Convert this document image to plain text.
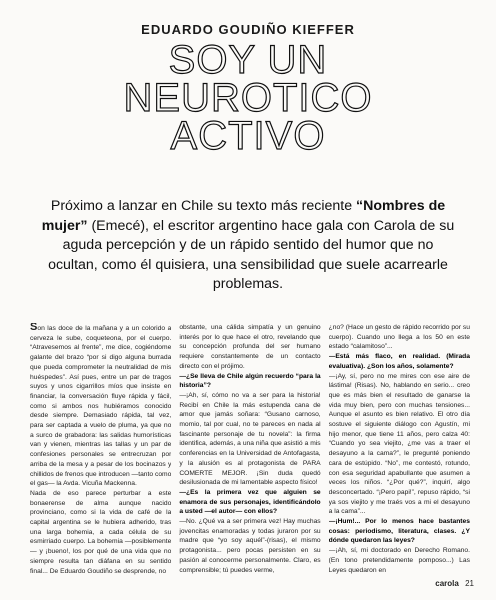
EDUARDO GOUDIÑO KIEFFER
SOY UN
NEUROTICO
ACTIVO
Próximo a lanzar en Chile su texto más reciente “Nombres de mujer” (Emecé), el escritor argentino hace gala con Carola de su aguda percepción y de un rápido sentido del humor que no ocultan, como él quisiera, una sensibilidad que suele acarrearle problemas.

Son las doce de la mañana y a un colorido a cerveza le sube, coqueteona, por el cuerpo. “Atravesemos al frente”, me dice, cogiéndome galante del brazo “por si digo alguna burrada que pueda comprometer la neutralidad de mis huéspedes”. Así pues, entre un par de tragos suyos y unos cigarrillos míos que insiste en financiar, la conversación fluye rápida y fácil, como si ambos nos hubiéramos conocido desde siempre. Demasiado rápida, tal vez, para ser captada a vuelo de pluma, ya que no a surco de grabadora: las salidas humorísticas van y vienen, mientras las tallas y un par de confesiones personales se entrecruzan por arriba de la mesa y a pesar de los bocinazos y chillidos de frenos que introducen —tanto como el gas— la Avda. Vicuña Mackenna.

Nada de eso parece perturbar a este bonaerense de alma aunque nacido provinciano, como si la vida de café de la capital argentina se le hubiera adherido, tras una larga bohemia, a cada célula de su esmirriado cuerpo. La bohemia —posiblemente— y ¡bueno!, los por qué de una vida que no siempre resulta tan diáfana en su sentido final... De Eduardo Goudiño se desprende, no

obstante, una cálida simpatía y un genuino interés por lo que hace el otro, revelando que su concepción profunda del ser humano requiere constantemente de un contacto directo con el prójimo.

—¿Se lleva de Chile algún recuerdo “para la historia”?

—¡Ah, sí, cómo no va a ser para la historia! Recibí en Chile la más estupenda cana de amor que jamás soñara: “Gusano carnoso, momio, tal por cual, no te pareces en nada al fascinante personaje de tu novela”: la firma identifica, además, a una niña que asistió a mis conferencias en la Universidad de Antofagasta, y la alusión es al protagonista de PARA COMERTE MEJOR. ¡Sin duda quedó desilusionada de mi lamentable aspecto físico!

—¿Es la primera vez que alguien se enamora de sus personajes, identificándolo a usted —el autor— con ellos?

—No. ¿Qué va a ser primera vez! Hay muchas jovencitas enamoradas y todas juraron por su madre que “yo soy aquél”-(risas), el mismo protagonista... pero pocas persisten en su pasión al conocerme personalmente. Claro, es comprensible; tú puedes verme,

¿no? (Hace un gesto de rápido recorrido por su cuerpo). Cuando uno llega a los 50 en este estado “calamitoso”...

—Está más flaco, en realidad. (Mirada evaluativa). ¿Son los años, solamente?

—¡Ay, sí, pero no me mires con ese aire de lástima! (Risas). No, hablando en serio... creo que es más bien el resultado de ganarse la vida muy bien, pero con muchas tensiones... Aunque el asunto es bien relativo. El otro día sostuve el siguiente diálogo con Agustín, mi hijo menor, que tiene 11 años, pero calza 40: “Cuando yo sea viejito, ¿me vas a traer el desayuno a la cama?”, le pregunté poniendo cara de estúpido. “No”, me contestó, rotundo, con esa seguridad apabullante que asumen a veces los niños. “¿Por qué?”, inquirí, algo desconcertado. “¡Pero papi!”, repuso rápido, “si ya sos viejito y me traés vos a mi el desayuno a la cama”...

—¡Hum!... Por lo menos hace bastantes cosas: periodismo, literatura, clases. ¿Y dónde quedaron las leyes?

—¡Ah, sí, mi doctorado en Derecho Romano. (En tono pretendidamente pomposo...) Las Leyes quedaron en

carola 21
